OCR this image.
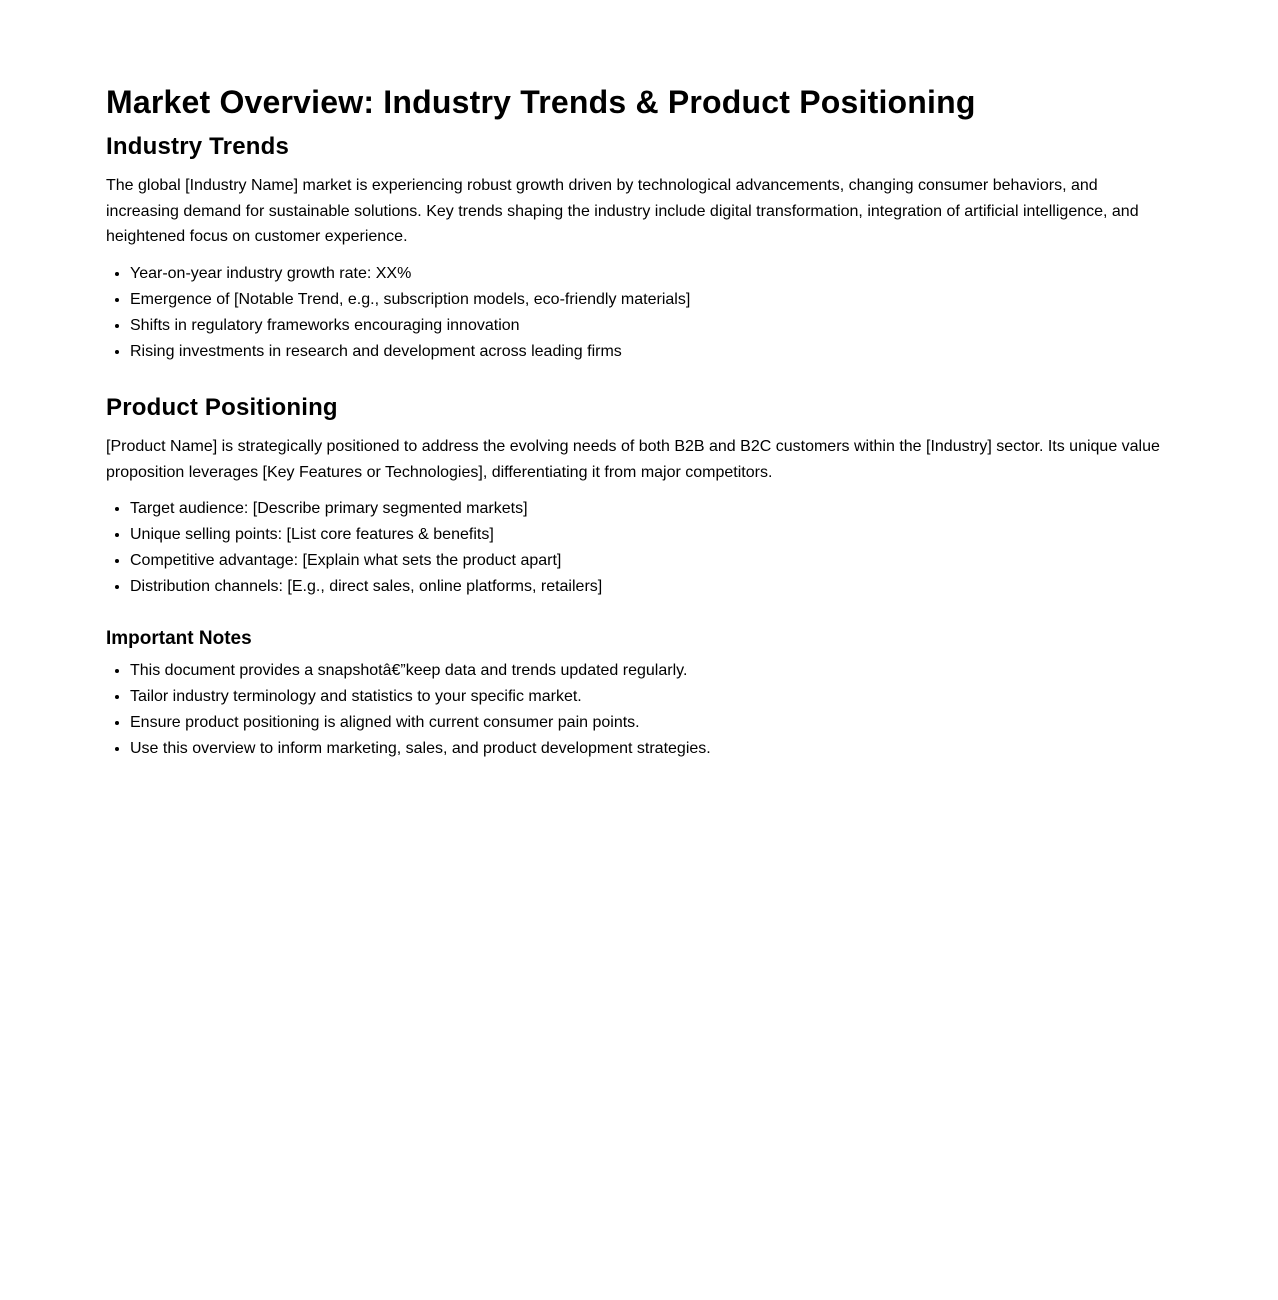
Market Overview: Industry Trends & Product Positioning
Industry Trends

The global [Industry Name] market is experiencing robust growth driven by technological advancements, changing consumer behaviors, and increasing demand for sustainable solutions. Key trends shaping the industry include digital transformation, integration of artificial intelligence, and heightened focus on customer experience.

• Year-on-year industry growth rate: XX%
• Emergence of [Notable Trend, e.g., subscription models, eco-friendly materials]
• Shifts in regulatory frameworks encouraging innovation
• Rising investments in research and development across leading firms
Product Positioning

[Product Name] is strategically positioned to address the evolving needs of both B2B and B2C customers within the [Industry] sector. Its unique value proposition leverages [Key Features or Technologies], differentiating it from major competitors.

• Target audience: [Describe primary segmented markets]
• Unique selling points: [List core features & benefits]
• Competitive advantage: [Explain what sets the product apart]
• Distribution channels: [E.g., direct sales, online platforms, retailers]
Important Notes
• This document provides a snapshotâ€”keep data and trends updated regularly.
• Tailor industry terminology and statistics to your specific market.
• Ensure product positioning is aligned with current consumer pain points.
• Use this overview to inform marketing, sales, and product development strategies.
